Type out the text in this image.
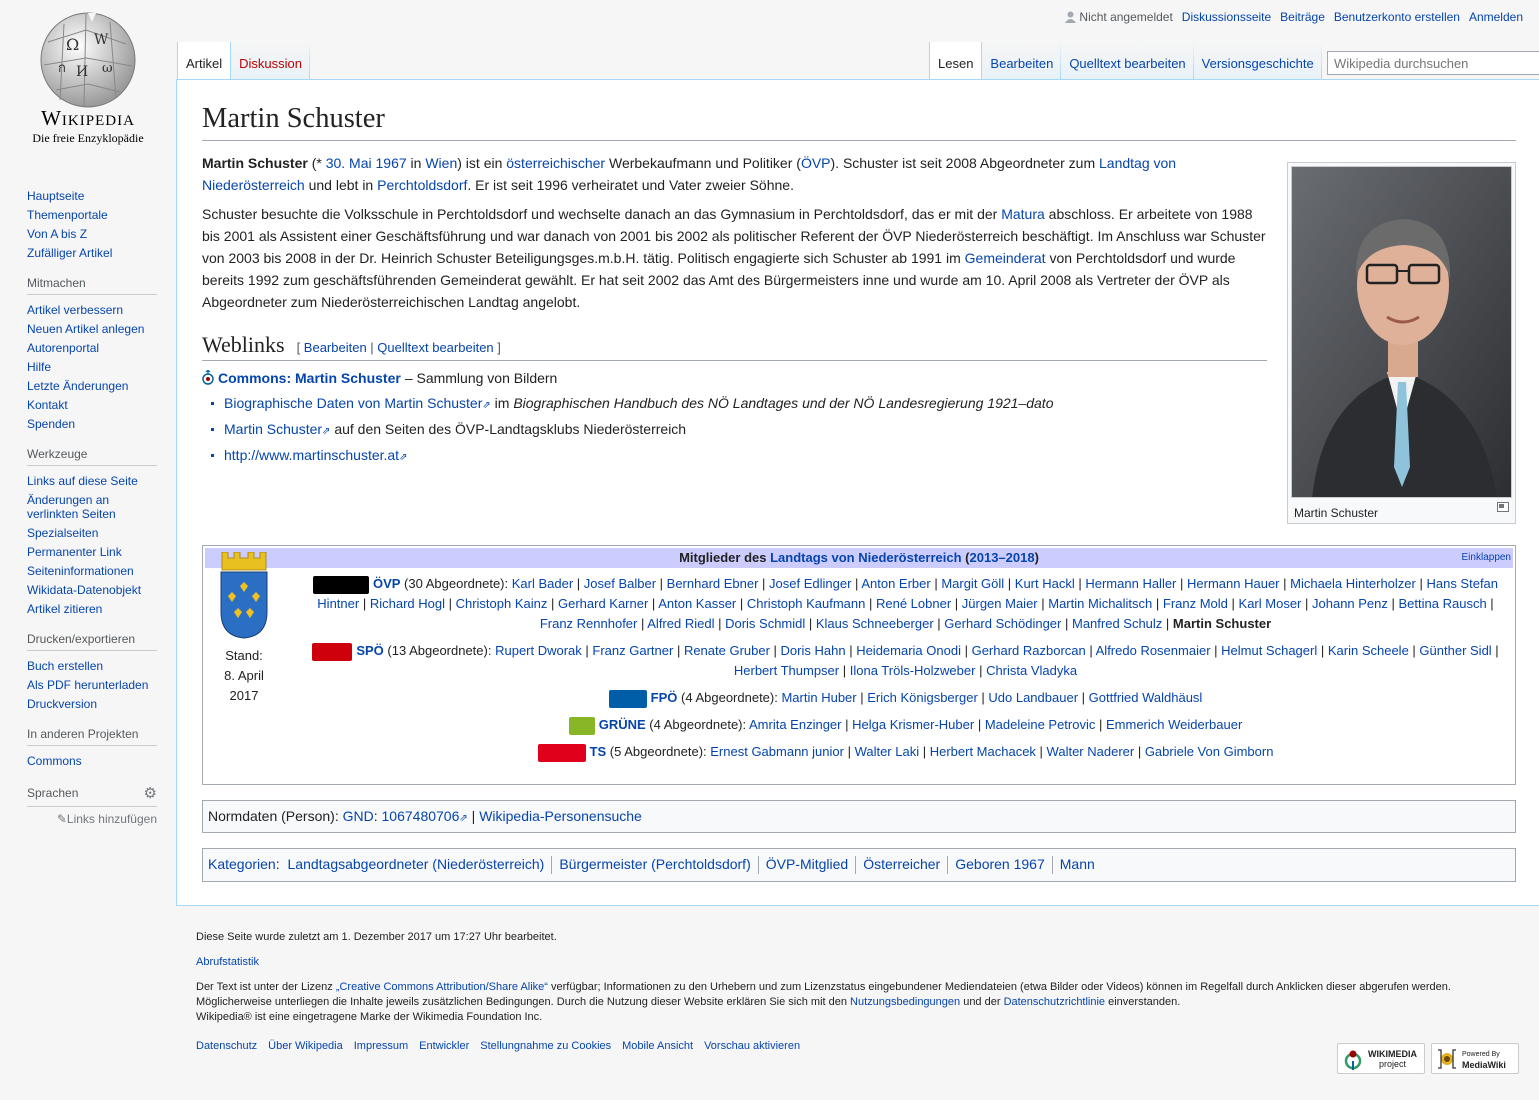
Ω W
И ω
ก
Wikipedia
Die freie Enzyklopädie
Nicht angemeldet Diskussionsseite Beiträge Benutzerkonto erstellen Anmelden
Artikel	Diskussion	Lesen	Bearbeiten	Quelltext bearbeiten	Versionsgeschichte
Wikipedia durchsuchen
Martin Schuster
Martin Schuster

Martin Schuster (* 30. Mai 1967 in Wien) ist ein österreichischer Werbekaufmann und Politiker (ÖVP). Schuster ist seit 2008 Abgeordneter zum Landtag von Niederösterreich und lebt in Perchtoldsdorf. Er ist seit 1996 verheiratet und Vater zweier Söhne.

Schuster besuchte die Volksschule in Perchtoldsdorf und wechselte danach an das Gymnasium in Perchtoldsdorf, das er mit der Matura abschloss. Er arbeitete von 1988 bis 2001 als Assistent einer Geschäftsführung und war danach von 2001 bis 2002 als politischer Referent der ÖVP Niederösterreich beschäftigt. Im Anschluss war Schuster von 2003 bis 2008 in der Dr. Heinrich Schuster Beteiligungsges.m.b.H. tätig. Politisch engagierte sich Schuster ab 1991 im Gemeinderat von Perchtoldsdorf und wurde bereits 1992 zum geschäftsführenden Gemeinderat gewählt. Er hat seit 2002 das Amt des Bürgermeisters inne und wurde am 10. April 2008 als Vertreter der ÖVP als Abgeordneter zum Niederösterreichischen Landtag angelobt.

Weblinks [ Bearbeiten | Quelltext bearbeiten ]
Commons: Martin Schuster – Sammlung von Bildern
Biographische Daten von Martin Schuster⇗ im Biographischen Handbuch des NÖ Landtages und der NÖ Landesregierung 1921–dato
Martin Schuster⇗ auf den Seiten des ÖVP-Landtagsklubs Niederösterreich
http://www.martinschuster.at⇗
Mitglieder des Landtags von Niederösterreich (2013–2018)	Einklappen
Stand:
8. April 2017
ÖVP (30 Abgeordnete): Karl Bader | Josef Balber | Bernhard Ebner | Josef Edlinger | Anton Erber | Margit Göll | Kurt Hackl | Hermann Haller | Hermann Hauer | Michaela Hinterholzer | Hans Stefan Hintner | Richard Hogl | Christoph Kainz | Gerhard Karner | Anton Kasser | Christoph Kaufmann | René Lobner | Jürgen Maier | Martin Michalitsch | Franz Mold | Karl Moser | Johann Penz | Bettina Rausch | Franz Rennhofer | Alfred Riedl | Doris Schmidl | Klaus Schneeberger | Gerhard Schödinger | Manfred Schulz | Martin Schuster
SPÖ (13 Abgeordnete): Rupert Dworak | Franz Gartner | Renate Gruber | Doris Hahn | Heidemaria Onodi | Gerhard Razborcan | Alfredo Rosenmaier | Helmut Schagerl | Karin Scheele | Günther Sidl | Herbert Thumpser | Ilona Tröls-Holzweber | Christa Vladyka
FPÖ (4 Abgeordnete): Martin Huber | Erich Königsberger | Udo Landbauer | Gottfried Waldhäusl
GRÜNE (4 Abgeordnete): Amrita Enzinger | Helga Krismer-Huber | Madeleine Petrovic | Emmerich Weiderbauer
TS (5 Abgeordnete): Ernest Gabmann junior | Walter Laki | Herbert Machacek | Walter Naderer | Gabriele Von Gimborn
Normdaten (Person): GND: 1067480706⇗ | Wikipedia-Personensuche
Kategorien : Landtagsabgeordneter (Niederösterreich) Bürgermeister (Perchtoldsdorf) ÖVP-Mitglied Österreicher Geboren 1967 Mann
Hauptseite
Themenportale
Von A bis Z
Zufälliger Artikel
Mitmachen
Artikel verbessern
Neuen Artikel anlegen
Autorenportal
Hilfe
Letzte Änderungen
Kontakt
Spenden
Werkzeuge
Links auf diese Seite
Änderungen an verlinkten Seiten
Spezialseiten
Permanenter Link
Seiteninformationen
Wikidata-Datenobjekt
Artikel zitieren
Drucken/exportieren
Buch erstellen
Als PDF herunterladen
Druckversion
In anderen Projekten
Commons
Sprachen	⚙
✎Links hinzufügen
Diese Seite wurde zuletzt am 1. Dezember 2017 um 17:27 Uhr bearbeitet.
Abrufstatistik
Der Text ist unter der Lizenz „Creative Commons Attribution/Share Alike“ verfügbar; Informationen zu den Urhebern und zum Lizenzstatus eingebundener Mediendateien (etwa Bilder oder Videos) können im Regelfall durch Anklicken dieser abgerufen werden.
Möglicherweise unterliegen die Inhalte jeweils zusätzlichen Bedingungen. Durch die Nutzung dieser Website erklären Sie sich mit den Nutzungsbedingungen und der Datenschutzrichtlinie einverstanden.
Wikipedia® ist eine eingetragene Marke der Wikimedia Foundation Inc.
Datenschutz Über Wikipedia Impressum Entwickler Stellungnahme zu Cookies Mobile Ansicht Vorschau aktivieren
WIKIMEDIA
project
Powered By
MediaWiki
